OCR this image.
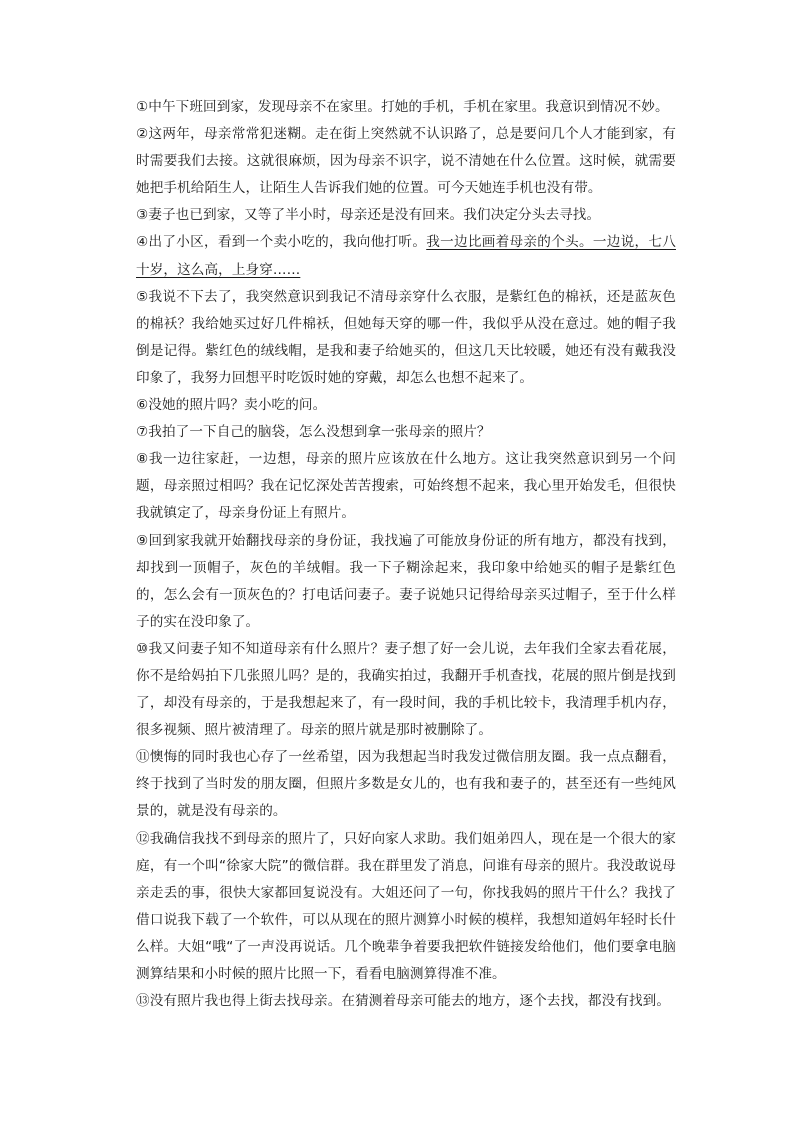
①中午下班回到家，发现母亲不在家里。打她的手机，手机在家里。我意识到情况不妙。

②这两年，母亲常常犯迷糊。走在街上突然就不认识路了，总是要问几个人才能到家，有时需要我们去接。这就很麻烦，因为母亲不识字，说不清她在什么位置。这时候，就需要她把手机给陌生人，让陌生人告诉我们她的位置。可今天她连手机也没有带。

③妻子也已到家，又等了半小时，母亲还是没有回来。我们决定分头去寻找。

④出了小区，看到一个卖小吃的，我向他打听。我一边比画着母亲的个头。一边说，七八十岁，这么高，上身穿……

⑤我说不下去了，我突然意识到我记不清母亲穿什么衣服，是紫红色的棉袄，还是蓝灰色的棉袄？我给她买过好几件棉袄，但她每天穿的哪一件，我似乎从没在意过。她的帽子我倒是记得。紫红色的绒线帽，是我和妻子给她买的，但这几天比较暖，她还有没有戴我没印象了，我努力回想平时吃饭时她的穿戴，却怎么也想不起来了。

⑥没她的照片吗？卖小吃的问。

⑦我拍了一下自己的脑袋，怎么没想到拿一张母亲的照片？

⑧我一边往家赶，一边想，母亲的照片应该放在什么地方。这让我突然意识到另一个问题，母亲照过相吗？我在记忆深处苦苦搜索，可始终想不起来，我心里开始发毛，但很快我就镇定了，母亲身份证上有照片。

⑨回到家我就开始翻找母亲的身份证，我找遍了可能放身份证的所有地方，都没有找到，却找到一顶帽子，灰色的羊绒帽。我一下子糊涂起来，我印象中给她买的帽子是紫红色的，怎么会有一顶灰色的？打电话问妻子。妻子说她只记得给母亲买过帽子，至于什么样子的实在没印象了。

⑩我又问妻子知不知道母亲有什么照片？妻子想了好一会儿说，去年我们全家去看花展，你不是给妈拍下几张照儿吗？是的，我确实拍过，我翻开手机查找，花展的照片倒是找到了，却没有母亲的，于是我想起来了，有一段时间，我的手机比较卡，我清理手机内存，很多视频、照片被清理了。母亲的照片就是那时被删除了。

⑪懊悔的同时我也心存了一丝希望，因为我想起当时我发过微信朋友圈。我一点点翻看，终于找到了当时发的朋友圈，但照片多数是女儿的，也有我和妻子的，甚至还有一些纯风景的，就是没有母亲的。

⑫我确信我找不到母亲的照片了，只好向家人求助。我们姐弟四人，现在是一个很大的家庭，有一个叫“徐家大院”的微信群。我在群里发了消息，问谁有母亲的照片。我没敢说母亲走丢的事，很快大家都回复说没有。大姐还问了一句，你找我妈的照片干什么？我找了借口说我下载了一个软件，可以从现在的照片测算小时候的模样，我想知道妈年轻时长什么样。大姐“哦“了一声没再说话。几个晚辈争着要我把软件链接发给他们，他们要拿电脑测算结果和小时候的照片比照一下，看看电脑测算得准不准。

⑬没有照片我也得上街去找母亲。在猜测着母亲可能去的地方，逐个去找，都没有找到。
